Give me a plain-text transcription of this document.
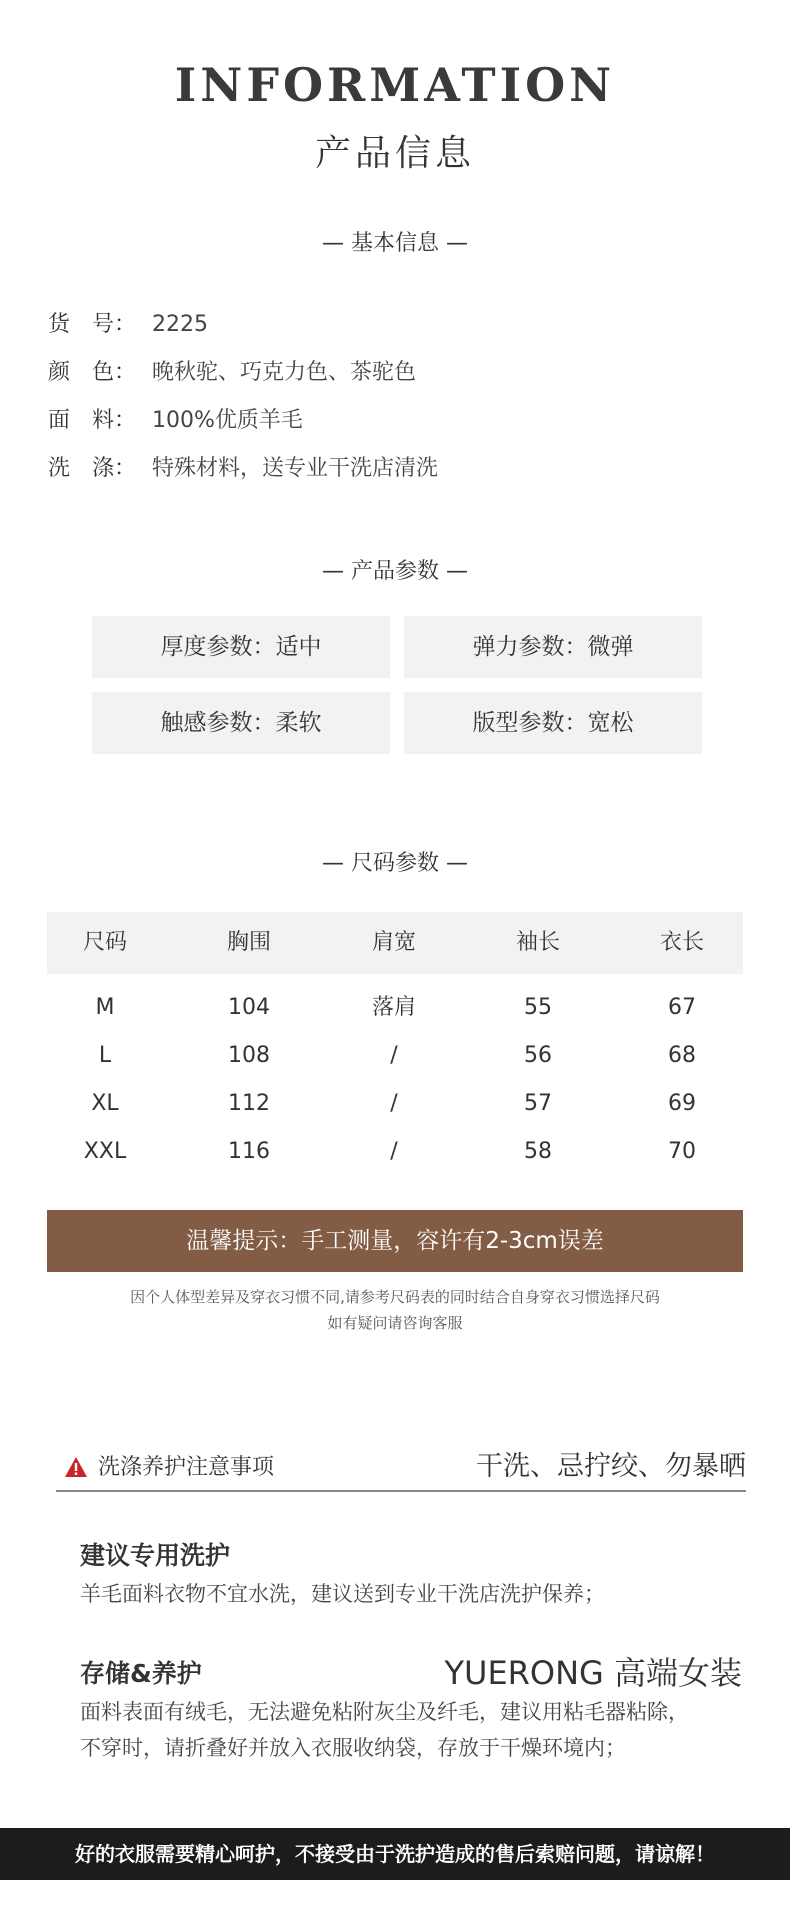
INFORMATION
产品信息
— 基本信息 —
货　号： 2225
颜　色： 晚秋驼、巧克力色、茶驼色
面　料： 100%优质羊毛
洗　涤： 特殊材料，送专业干洗店清洗
— 产品参数 —
厚度参数：适中	弹力参数：微弹
触感参数：柔软	版型参数：宽松
— 尺码参数 —
尺码	胸围	肩宽	袖长	衣长
M	104	落肩	55	67
L	108	/	56	68
XL	112	/	57	69
XXL	116	/	58	70
温馨提示：手工测量，容许有2-3cm误差
因个人体型差异及穿衣习惯不同,请参考尺码表的同时结合自身穿衣习惯选择尺码
如有疑问请咨询客服
洗涤养护注意事项	干洗、忌拧绞、勿暴晒
建议专用洗护
羊毛面料衣物不宜水洗，建议送到专业干洗店洗护保养；
存储&养护	YUERONG 高端女装
面料表面有绒毛，无法避免粘附灰尘及纤毛，建议用粘毛器粘除，
不穿时，请折叠好并放入衣服收纳袋，存放于干燥环境内；
好的衣服需要精心呵护，不接受由于洗护造成的售后索赔问题，请谅解！
